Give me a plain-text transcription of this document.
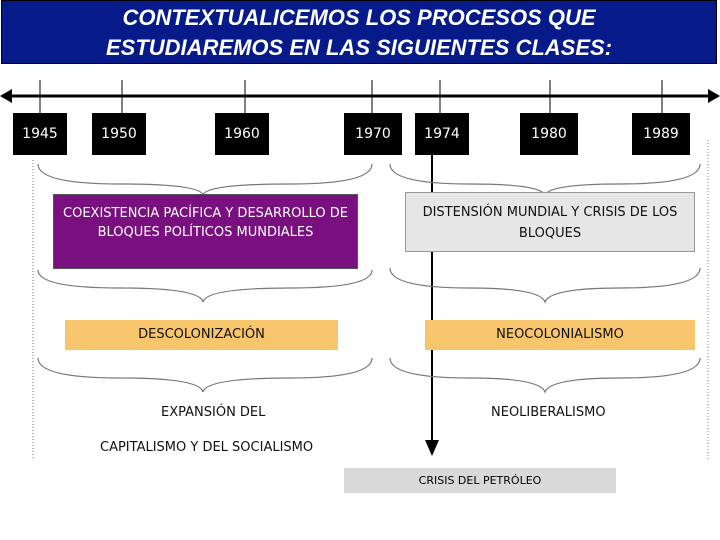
CONTEXTUALICEMOS LOS PROCESOS QUE
ESTUDIAREMOS EN LAS SIGUIENTES CLASES:
1945	1950	1960	1970	1974	1980	1989
COEXISTENCIA PACÍFICA Y DESARROLLO DE BLOQUES POLÍTICOS MUNDIALES
DISTENSIÓN MUNDIAL Y CRISIS DE LOS BLOQUES
DESCOLONIZACIÓN	NEOCOLONIALISMO
EXPANSIÓN DEL
CAPITALISMO Y DEL SOCIALISMO
NEOLIBERALISMO
CRISIS DEL PETRÓLEO
